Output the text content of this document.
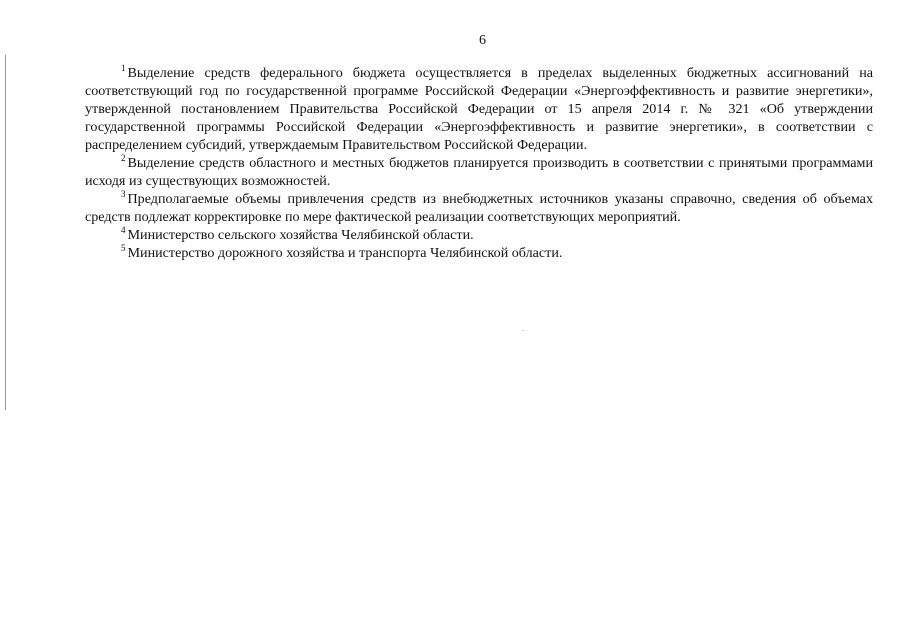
6

$^1$ Выделение средств федерального бюджета осуществляется в пределах выделенных бюджетных ассигнований на соответствующий год по государственной программе Российской Федерации «Энергоэффективность и развитие энергетики», утвержденной постановлением Правительства Российской Федерации от 15 апреля 2014 г. № 321 «Об утверждении государственной программы Российской Федерации «Энергоэффективность и развитие энергетики», в соответствии с распределением субсидий, утверждаемым Правительством Российской Федерации.

$^2$ Выделение средств областного и местных бюджетов планируется производить в соответствии с принятыми программами исходя из существующих возможностей.

$^3$ Предполагаемые объемы привлечения средств из внебюджетных источников указаны справочно, сведения об объемах средств подлежат корректировке по мере фактической реализации соответствующих мероприятий.

$^4$ Министерство сельского хозяйства Челябинской области.

$^5$ Министерство дорожного хозяйства и транспорта Челябинской области.
